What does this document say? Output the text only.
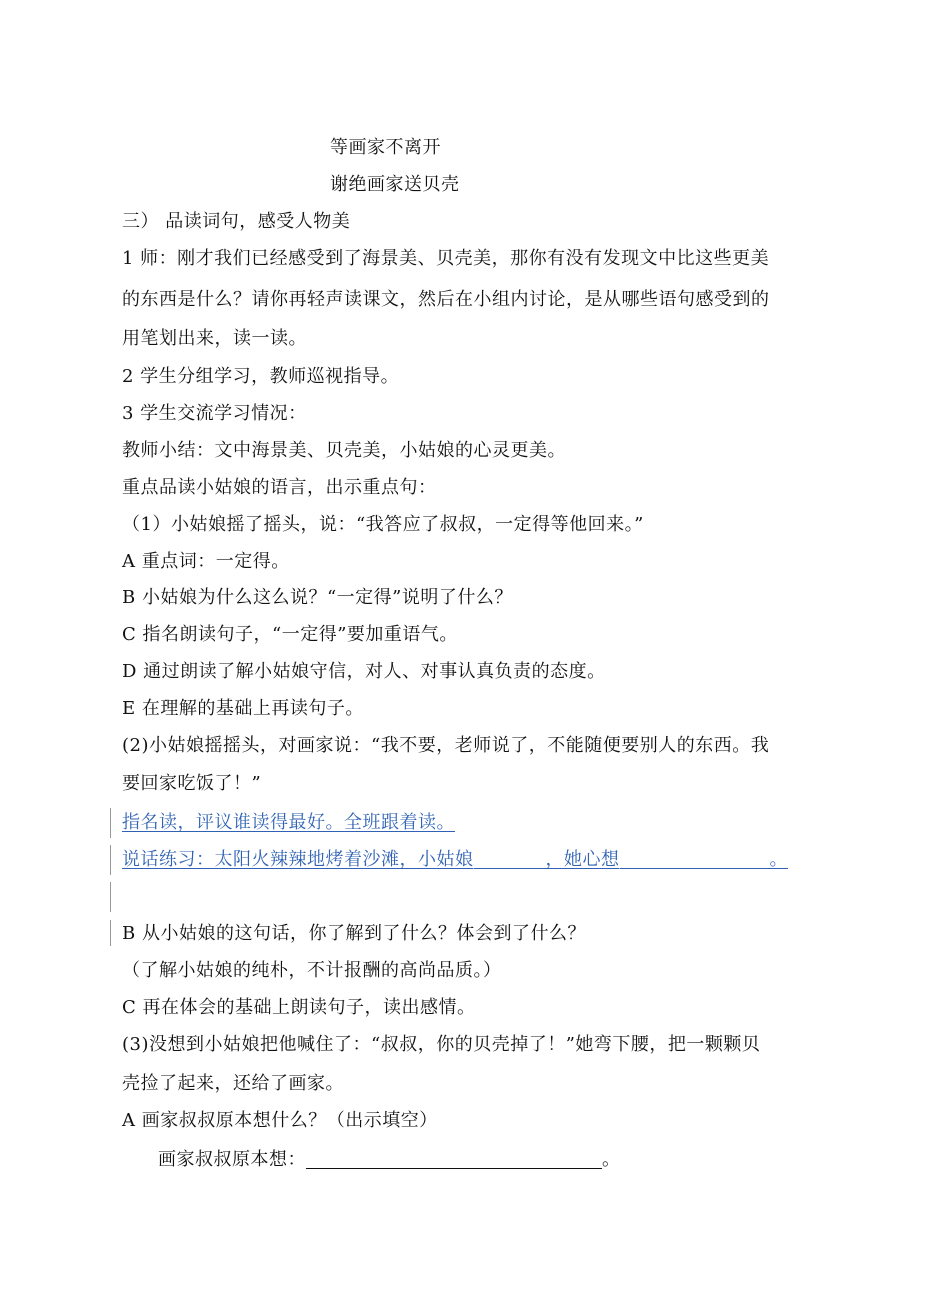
等画家不离开
谢绝画家送贝壳
三） 品读词句，感受人物美
1 师：刚才我们已经感受到了海景美、贝壳美，那你有没有发现文中比这些更美
的东西是什么？请你再轻声读课文，然后在小组内讨论，是从哪些语句感受到的
用笔划出来，读一读。
2 学生分组学习，教师巡视指导。
3 学生交流学习情况：
教师小结：文中海景美、贝壳美，小姑娘的心灵更美。
重点品读小姑娘的语言，出示重点句：
（1）小姑娘摇了摇头，说：“我答应了叔叔，一定得等他回来。”
A 重点词：一定得。
B 小姑娘为什么这么说？“一定得”说明了什么？
C 指名朗读句子，“一定得”要加重语气。
D 通过朗读了解小姑娘守信，对人、对事认真负责的态度。
E 在理解的基础上再读句子。
(2)小姑娘摇摇头，对画家说：“我不要，老师说了，不能随便要别人的东西。我
要回家吃饭了！”
指名读，评议谁读得最好。全班跟着读。
说话练习：太阳火辣辣地烤着沙滩，小姑娘	，她心想	。
B 从小姑娘的这句话，你了解到了什么？体会到了什么？
（了解小姑娘的纯朴，不计报酬的高尚品质。）
C 再在体会的基础上朗读句子，读出感情。
(3)没想到小姑娘把他喊住了：“叔叔，你的贝壳掉了！”她弯下腰，把一颗颗贝
壳捡了起来，还给了画家。
A 画家叔叔原本想什么？（出示填空）
画家叔叔原本想：	。
